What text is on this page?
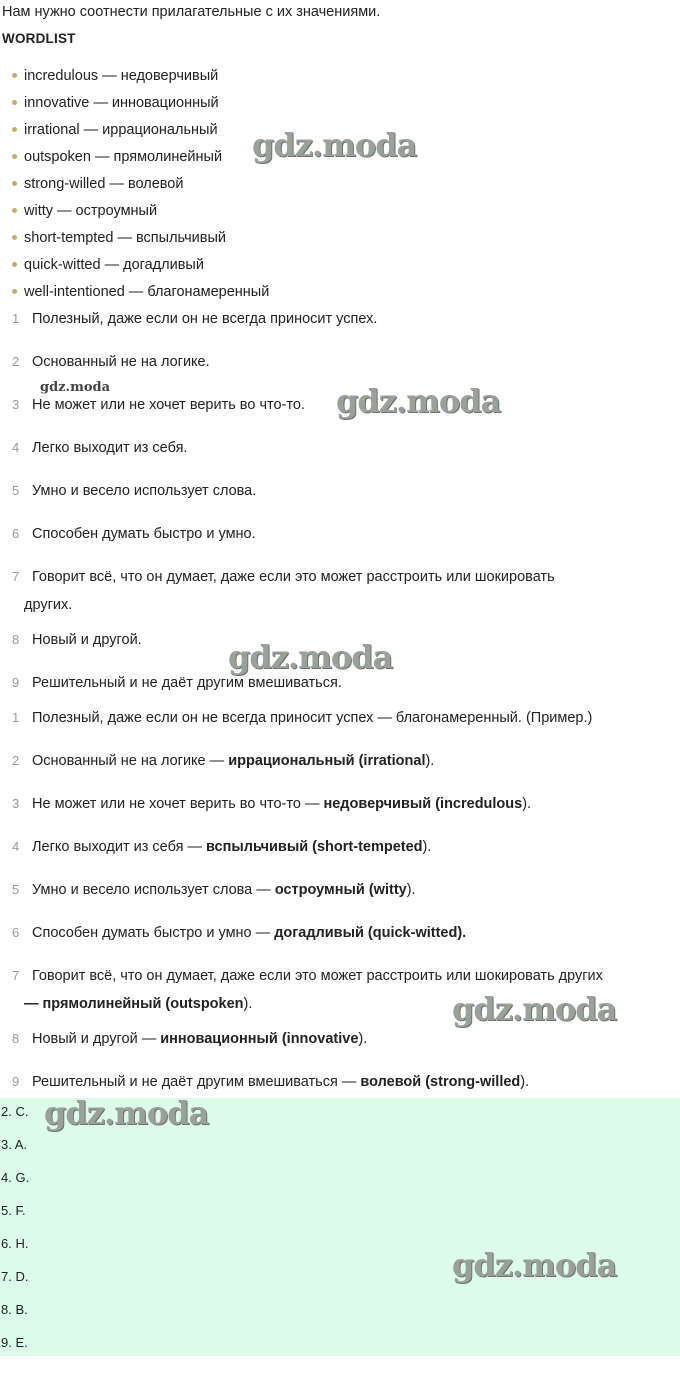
Нам нужно соотнести прилагательные с их значениями.
WORDLIST
incredulous — недоверчивый
innovative — инновационный
irrational — иррациональный
outspoken — прямолинейный
strong-willed — волевой
witty — остроумный
short-tempted — вспыльчивый
quick-witted — догадливый
well-intentioned — благонамеренный
1 Полезный, даже если он не всегда приносит успех.
2 Основанный не на логике.
3 Не может или не хочет верить во что-то.
4 Легко выходит из себя.
5 Умно и весело использует слова.
6 Способен думать быстро и умно.
7 Говорит всё, что он думает, даже если это может расстроить или шокировать
других.
8 Новый и другой.
9 Решительный и не даёт другим вмешиваться.
1 Полезный, даже если он не всегда приносит успех — благонамеренный. (Пример.)
2 Основанный не на логике — иррациональный (irrational).
3 Не может или не хочет верить во что-то — недоверчивый (incredulous).
4 Легко выходит из себя — вспыльчивый (short-tempeted).
5 Умно и весело использует слова — остроумный (witty).
6 Способен думать быстро и умно — догадливый (quick-witted).
7 Говорит всё, что он думает, даже если это может расстроить или шокировать других
— прямолинейный (outspoken).
8 Новый и другой — инновационный (innovative).
9 Решительный и не даёт другим вмешиваться — волевой (strong-willed).
2. C.
3. A.
4. G.
5. F.
6. H.
7. D.
8. B.
9. E.
gdz.moda
gdz.moda	gdz.moda
gdz.moda
gdz.moda
gdz.moda
gdz.moda
